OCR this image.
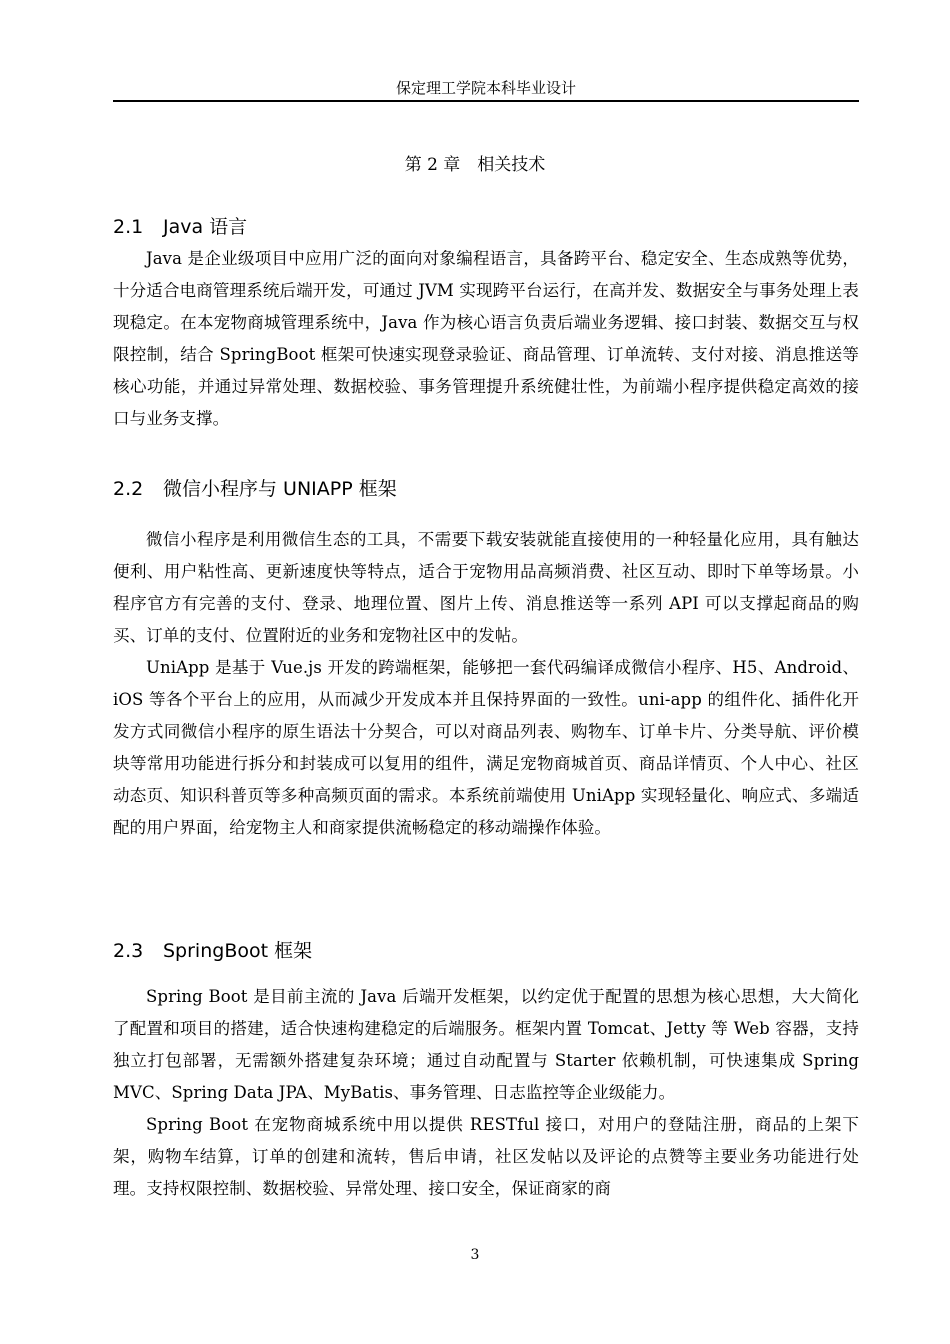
保定理工学院本科毕业设计
第 2 章　相关技术
2.1 Java 语言

Java 是企业级项目中应用广泛的面向对象编程语言，具备跨平台、稳定安全、生态成熟等优势，十分适合电商管理系统后端开发，可通过 JVM 实现跨平台运行，在高并发、数据安全与事务处理上表现稳定。在本宠物商城管理系统中，Java 作为核心语言负责后端业务逻辑、接口封装、数据交互与权限控制，结合 SpringBoot 框架可快速实现登录验证、商品管理、订单流转、支付对接、消息推送等核心功能，并通过异常处理、数据校验、事务管理提升系统健壮性，为前端小程序提供稳定高效的接口与业务支撑。

2.2 微信小程序与 UNIAPP 框架

微信小程序是利用微信生态的工具，不需要下载安装就能直接使用的一种轻量化应用，具有触达便利、用户粘性高、更新速度快等特点，适合于宠物用品高频消费、社区互动、即时下单等场景。小程序官方有完善的支付、登录、地理位置、图片上传、消息推送等一系列 API 可以支撑起商品的购买、订单的支付、位置附近的业务和宠物社区中的发帖。

UniApp 是基于 Vue.js 开发的跨端框架，能够把一套代码编译成微信小程序、H5、Android、iOS 等各个平台上的应用，从而减少开发成本并且保持界面的一致性。uni-app 的组件化、插件化开发方式同微信小程序的原生语法十分契合，可以对商品列表、购物车、订单卡片、分类导航、评价模块等常用功能进行拆分和封装成可以复用的组件，满足宠物商城首页、商品详情页、个人中心、社区动态页、知识科普页等多种高频页面的需求。本系统前端使用 UniApp 实现轻量化、响应式、多端适配的用户界面，给宠物主人和商家提供流畅稳定的移动端操作体验。

2.3 SpringBoot 框架

Spring Boot 是目前主流的 Java 后端开发框架，以约定优于配置的思想为核心思想，大大简化了配置和项目的搭建，适合快速构建稳定的后端服务。框架内置 Tomcat、Jetty 等 Web 容器，支持独立打包部署，无需额外搭建复杂环境；通过自动配置与 Starter 依赖机制，可快速集成 Spring MVC、Spring Data JPA、MyBatis、事务管理、日志监控等企业级能力。

Spring Boot 在宠物商城系统中用以提供 RESTful 接口，对用户的登陆注册，商品的上架下架，购物车结算，订单的创建和流转，售后申请，社区发帖以及评论的点赞等主要业务功能进行处理。支持权限控制、数据校验、异常处理、接口安全，保证商家的商

3
